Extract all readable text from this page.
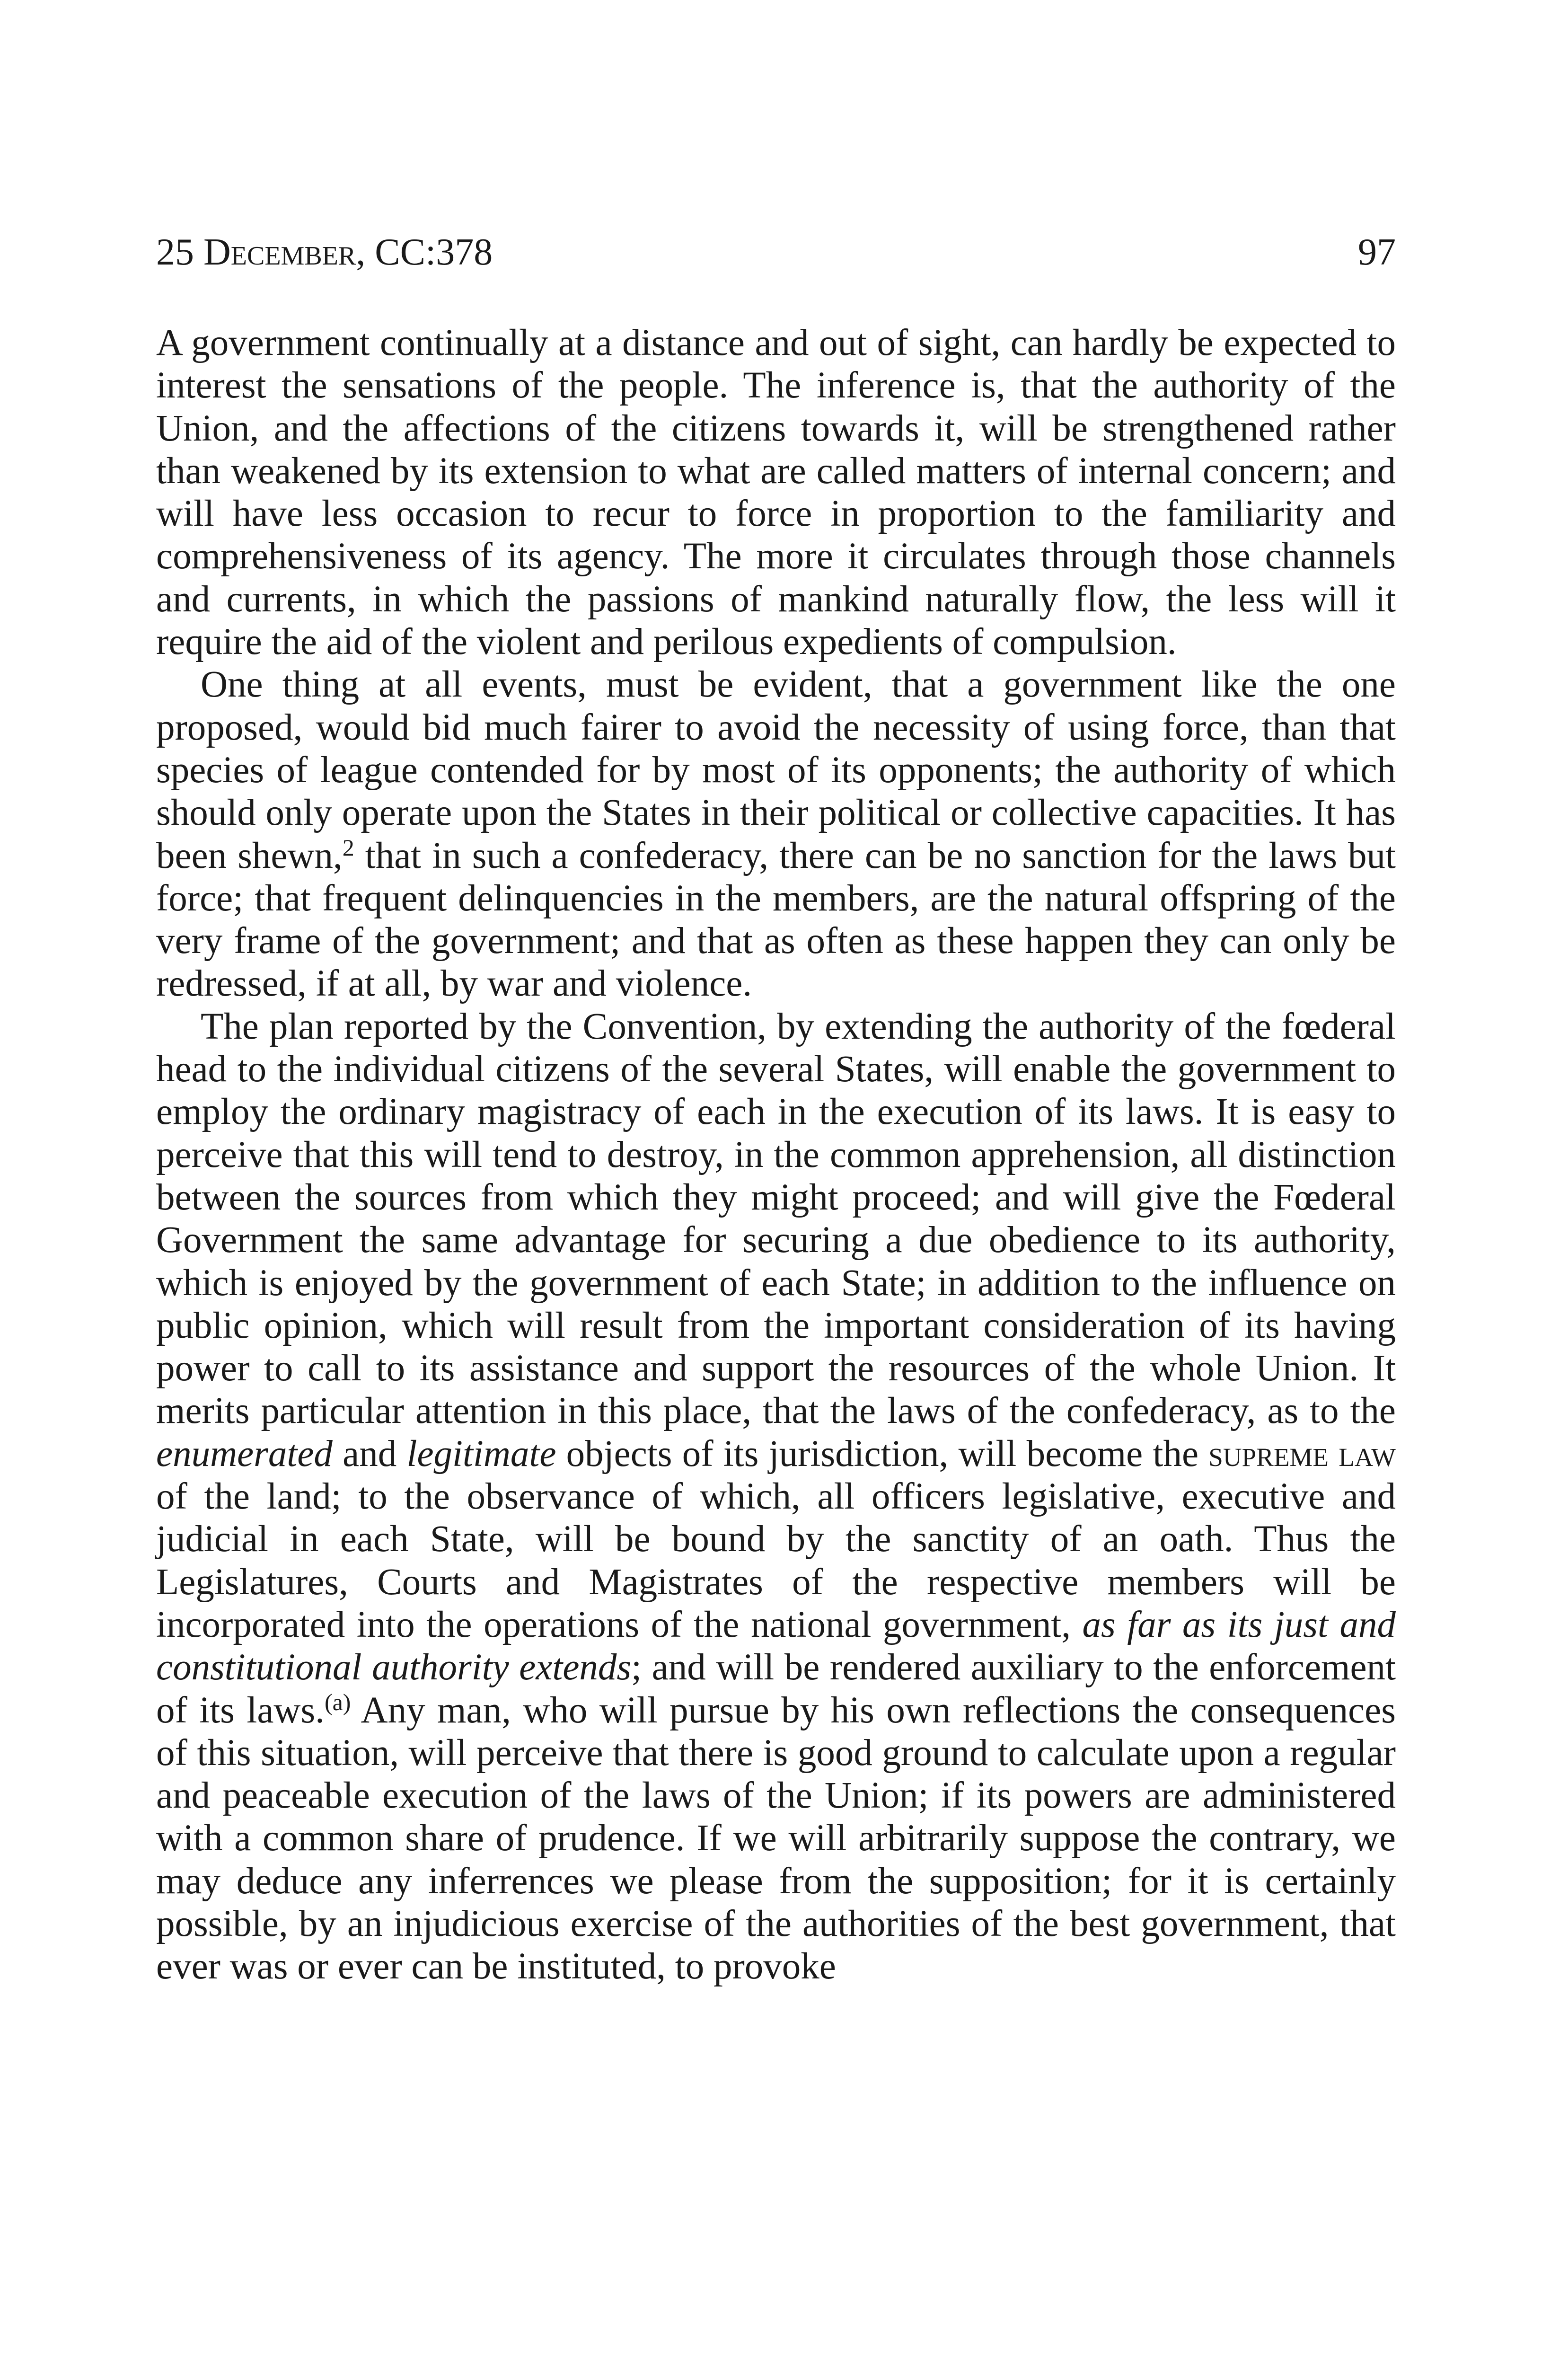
25 December, CC:378	97

A government continually at a distance and out of sight, can hardly be expected to interest the sensations of the people. The inference is, that the authority of the Union, and the affections of the citizens towards it, will be strengthened rather than weakened by its extension to what are called matters of internal concern; and will have less occasion to recur to force in proportion to the familiarity and comprehensiveness of its agency. The more it circulates through those channels and currents, in which the passions of mankind naturally flow, the less will it require the aid of the violent and perilous expedients of compulsion.

One thing at all events, must be evident, that a government like the one proposed, would bid much fairer to avoid the necessity of using force, than that species of league contended for by most of its opponents; the authority of which should only operate upon the States in their political or collective capacities. It has been shewn,$^2$ that in such a confederacy, there can be no sanction for the laws but force; that frequent delinquencies in the members, are the natural offspring of the very frame of the government; and that as often as these happen they can only be redressed, if at all, by war and violence.

The plan reported by the Convention, by extending the authority of the fœderal head to the individual citizens of the several States, will enable the government to employ the ordinary magistracy of each in the execution of its laws. It is easy to perceive that this will tend to destroy, in the common apprehension, all distinction between the sources from which they might proceed; and will give the Fœderal Government the same advantage for securing a due obedience to its authority, which is enjoyed by the government of each State; in addition to the influence on public opinion, which will result from the important consideration of its having power to call to its assistance and support the resources of the whole Union. It merits particular attention in this place, that the laws of the confederacy, as to the enumerated and legitimate objects of its jurisdiction, will become the supreme law of the land; to the observance of which, all officers legislative, executive and judicial in each State, will be bound by the sanctity of an oath. Thus the Legislatures, Courts and Magistrates of the respective members will be incorporated into the operations of the national government, as far as its just and constitutional authority extends; and will be rendered auxiliary to the enforcement of its laws.$^{(a)}$ Any man, who will pursue by his own reflections the consequences of this situation, will perceive that there is good ground to calculate upon a regular and peaceable execution of the laws of the Union; if its powers are administered with a common share of prudence. If we will arbitrarily suppose the contrary, we may deduce any inferrences we please from the supposition; for it is certainly possible, by an injudicious exercise of the authorities of the best government, that ever was or ever can be instituted, to provoke
